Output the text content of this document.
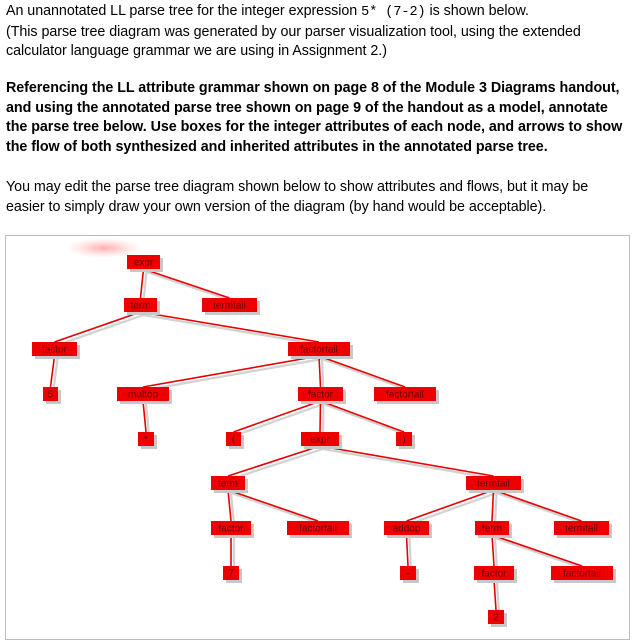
An unannotated LL parse tree for the integer expression 5* (7-2) is shown below.
(This parse tree diagram was generated by our parser visualization tool, using the extended calculator language grammar we are using in Assignment 2.)
Referencing the LL attribute grammar shown on page 8 of the Module 3 Diagrams handout, and using the annotated parse tree shown on page 9 of the handout as a model, annotate the parse tree below. Use boxes for the integer attributes of each node, and arrows to show the flow of both synthesized and inherited attributes in the annotated parse tree.
You may edit the parse tree diagram shown below to show attributes and flows, but it may be easier to simply draw your own version of the diagram (by hand would be acceptable).
expr
term	termtail
factor	factortail
5	multop	factor	factortail
*	(	expr	)
term	termtail
factor	factortail	addop	term	termtail
7	-	factor	factortail
2
